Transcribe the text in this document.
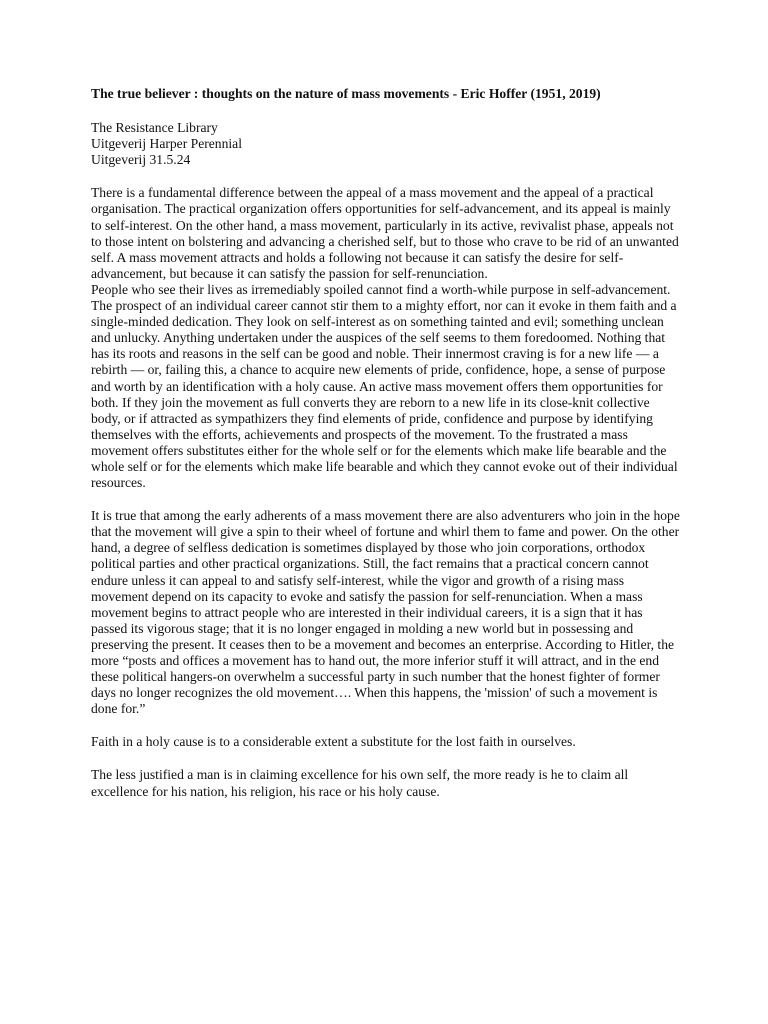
The true believer : thoughts on the nature of mass movements - Eric Hoffer (1951, 2019)

The Resistance Library
Uitgeverij Harper Perennial
Uitgeverij 31.5.24

There is a fundamental difference between the appeal of a mass movement and the appeal of a practical organisation. The practical organization offers opportunities for self-advancement, and its appeal is mainly to self-interest. On the other hand, a mass movement, particularly in its active, revivalist phase, appeals not to those intent on bolstering and advancing a cherished self, but to those who crave to be rid of an unwanted self. A mass movement attracts and holds a following not because it can satisfy the desire for self-advancement, but because it can satisfy the passion for self-renunciation.

People who see their lives as irremediably spoiled cannot find a worth-while purpose in self-advancement. The prospect of an individual career cannot stir them to a mighty effort, nor can it evoke in them faith and a single-minded dedication. They look on self-interest as on something tainted and evil; something unclean and unlucky. Anything undertaken under the auspices of the self seems to them foredoomed. Nothing that has its roots and reasons in the self can be good and noble. Their innermost craving is for a new life — a rebirth — or, failing this, a chance to acquire new elements of pride, confidence, hope, a sense of purpose and worth by an identification with a holy cause. An active mass movement offers them opportunities for both. If they join the movement as full converts they are reborn to a new life in its close-knit collective body, or if attracted as sympathizers they find elements of pride, confidence and purpose by identifying themselves with the efforts, achievements and prospects of the movement. To the frustrated a mass movement offers substitutes either for the whole self or for the elements which make life bearable and the whole self or for the elements which make life bearable and which they cannot evoke out of their individual resources.

It is true that among the early adherents of a mass movement there are also adventurers who join in the hope that the movement will give a spin to their wheel of fortune and whirl them to fame and power. On the other hand, a degree of selfless dedication is sometimes displayed by those who join corporations, orthodox political parties and other practical organizations. Still, the fact remains that a practical concern cannot endure unless it can appeal to and satisfy self-interest, while the vigor and growth of a rising mass movement depend on its capacity to evoke and satisfy the passion for self-renunciation. When a mass movement begins to attract people who are interested in their individual careers, it is a sign that it has passed its vigorous stage; that it is no longer engaged in molding a new world but in possessing and preserving the present. It ceases then to be a movement and becomes an enterprise. According to Hitler, the more “posts and offices a movement has to hand out, the more inferior stuff it will attract, and in the end these political hangers-on overwhelm a successful party in such number that the honest fighter of former days no longer recognizes the old movement…. When this happens, the 'mission' of such a movement is done for.”

Faith in a holy cause is to a considerable extent a substitute for the lost faith in ourselves.

The less justified a man is in claiming excellence for his own self, the more ready is he to claim all excellence for his nation, his religion, his race or his holy cause.
